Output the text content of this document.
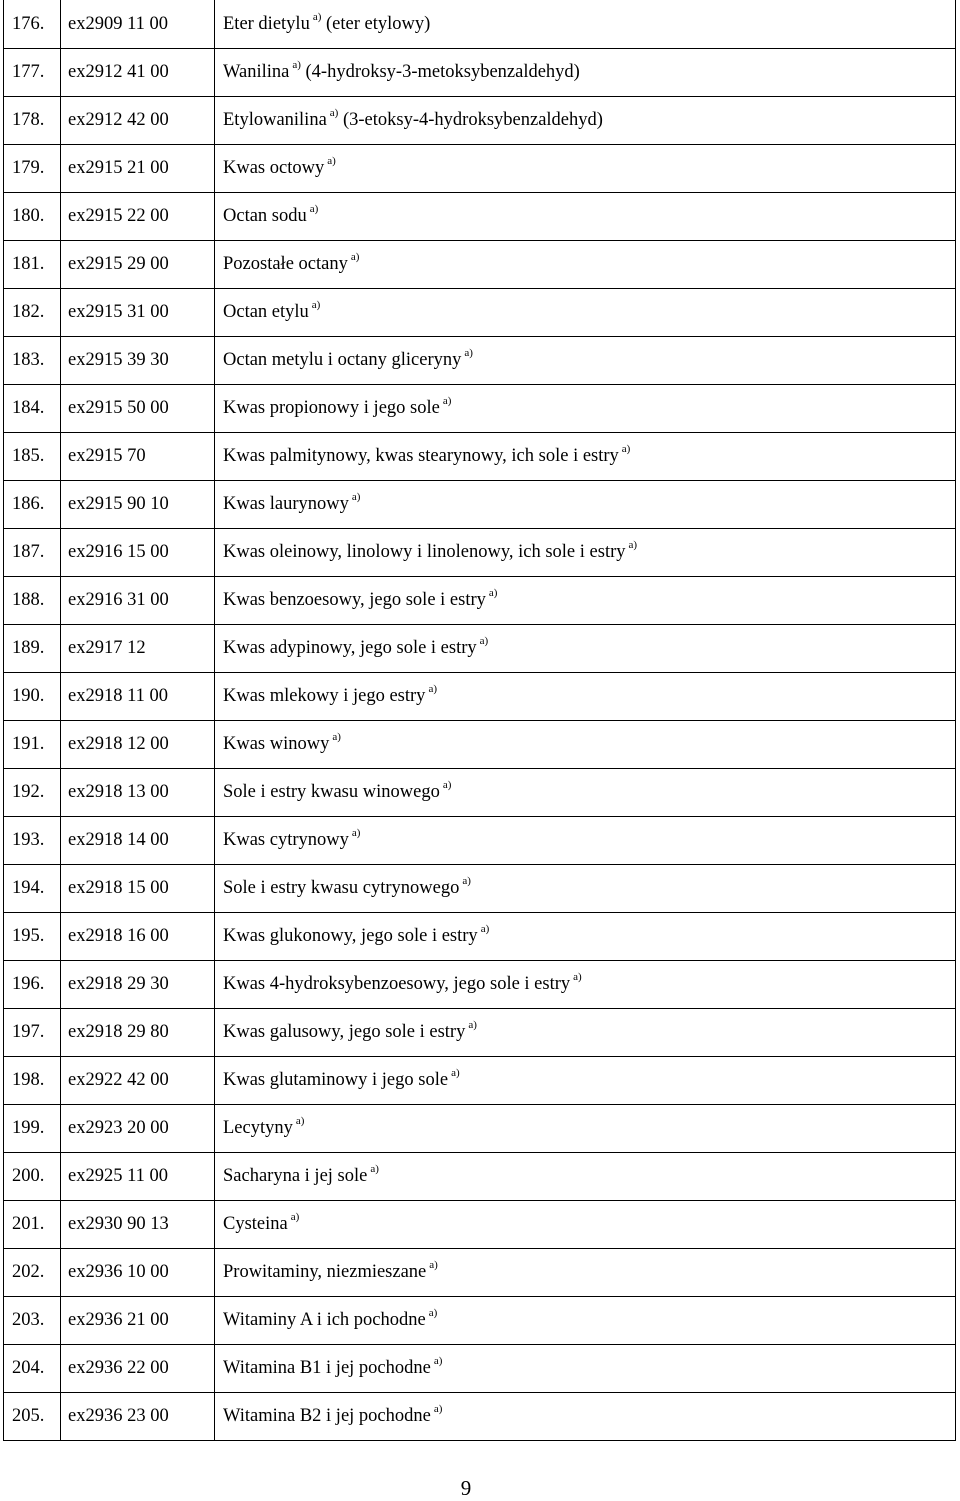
176.	ex2909 11 00	Eter dietylu $^{a)}$ (eter etylowy)
177.	ex2912 41 00	Wanilina $^{a)}$ (4-hydroksy-3-metoksybenzaldehyd)
178.	ex2912 42 00	Etylowanilina $^{a)}$ (3-etoksy-4-hydroksybenzaldehyd)
179.	ex2915 21 00	Kwas octowy $^{a)}$
180.	ex2915 22 00	Octan sodu $^{a)}$
181.	ex2915 29 00	Pozostałe octany $^{a)}$
182.	ex2915 31 00	Octan etylu $^{a)}$
183.	ex2915 39 30	Octan metylu i octany gliceryny $^{a)}$
184.	ex2915 50 00	Kwas propionowy i jego sole $^{a)}$
185.	ex2915 70	Kwas palmitynowy, kwas stearynowy, ich sole i estry $^{a)}$
186.	ex2915 90 10	Kwas laurynowy $^{a)}$
187.	ex2916 15 00	Kwas oleinowy, linolowy i linolenowy, ich sole i estry $^{a)}$
188.	ex2916 31 00	Kwas benzoesowy, jego sole i estry $^{a)}$
189.	ex2917 12	Kwas adypinowy, jego sole i estry $^{a)}$
190.	ex2918 11 00	Kwas mlekowy i jego estry $^{a)}$
191.	ex2918 12 00	Kwas winowy $^{a)}$
192.	ex2918 13 00	Sole i estry kwasu winowego $^{a)}$
193.	ex2918 14 00	Kwas cytrynowy $^{a)}$
194.	ex2918 15 00	Sole i estry kwasu cytrynowego $^{a)}$
195.	ex2918 16 00	Kwas glukonowy, jego sole i estry $^{a)}$
196.	ex2918 29 30	Kwas 4-hydroksybenzoesowy, jego sole i estry $^{a)}$
197.	ex2918 29 80	Kwas galusowy, jego sole i estry $^{a)}$
198.	ex2922 42 00	Kwas glutaminowy i jego sole $^{a)}$
199.	ex2923 20 00	Lecytyny $^{a)}$
200.	ex2925 11 00	Sacharyna i jej sole $^{a)}$
201.	ex2930 90 13	Cysteina $^{a)}$
202.	ex2936 10 00	Prowitaminy, niezmieszane $^{a)}$
203.	ex2936 21 00	Witaminy A i ich pochodne $^{a)}$
204.	ex2936 22 00	Witamina B1 i jej pochodne $^{a)}$
205.	ex2936 23 00	Witamina B2 i jej pochodne $^{a)}$
9
